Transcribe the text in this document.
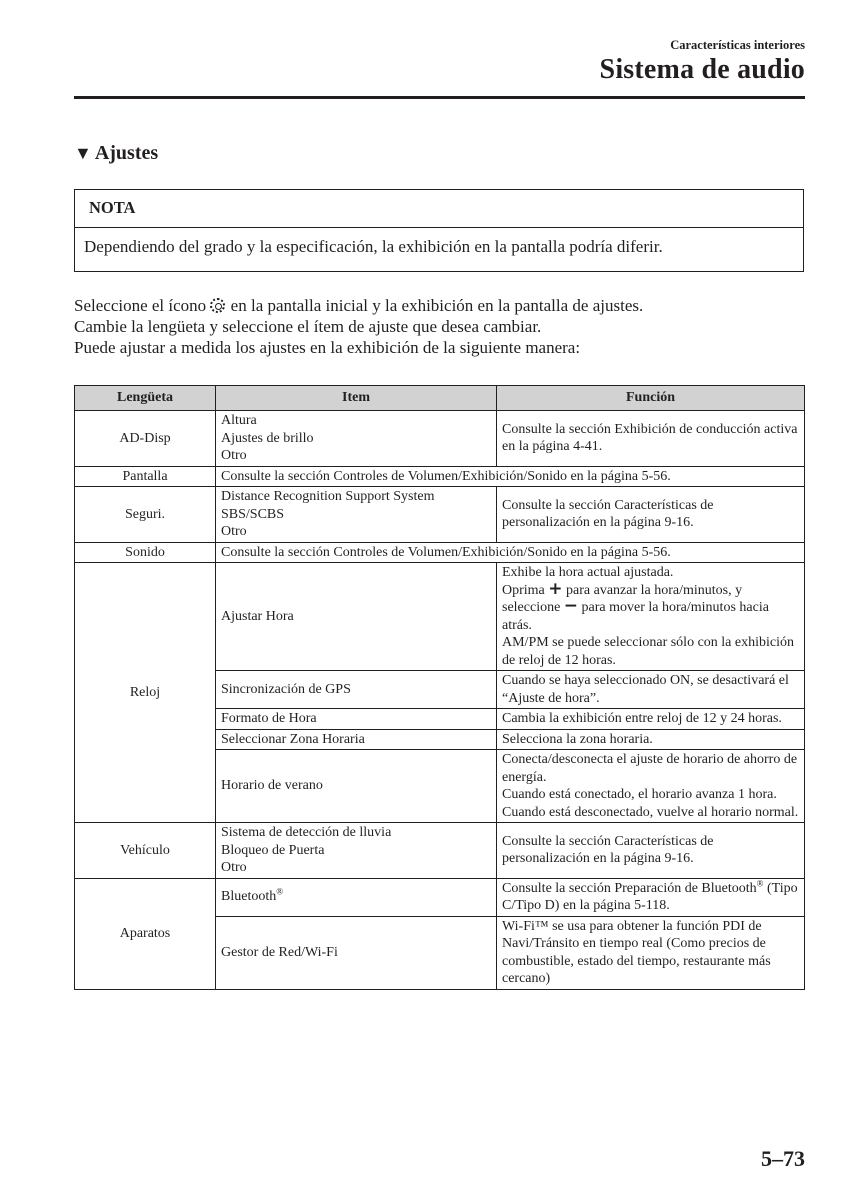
Características interiores
Sistema de audio
▼ Ajustes
NOTA
Dependiendo del grado y la especificación, la exhibición en la pantalla podría diferir.
Seleccione el ícono  en la pantalla inicial y la exhibición en la pantalla de ajustes.
Cambie la lengüeta y seleccione el ítem de ajuste que desea cambiar.
Puede ajustar a medida los ajustes en la exhibición de la siguiente manera:
Lengüeta	Item	Función
AD-Disp	Altura
Ajustes de brillo
Otro	Consulte la sección Exhibición de conducción activa en la página 4-41.
Pantalla	Consulte la sección Controles de Volumen/Exhibición/Sonido en la página 5-56.	
Seguri.	Distance Recognition Support System
SBS/SCBS
Otro	Consulte la sección Características de personalización en la página 9-16.
Sonido	Consulte la sección Controles de Volumen/Exhibición/Sonido en la página 5-56.	
Reloj	Ajustar Hora	Exhibe la hora actual ajustada.
Oprima + para avanzar la hora/minutos, y
seleccione − para mover la hora/minutos hacia atrás.
AM/PM se puede seleccionar sólo con la exhibición de reloj de 12 horas.

	Sincronización de GPS	Cuando se haya seleccionado ON, se desactivará el “Ajuste de hora”.
	Formato de Hora	Cambia la exhibición entre reloj de 12 y 24 horas.
	Seleccionar Zona Horaria	Selecciona la zona horaria.
	Horario de verano	Conecta/desconecta el ajuste de horario de ahorro de energía.
Cuando está conectado, el horario avanza 1 hora. Cuando está desconectado, vuelve al horario normal.

Vehículo	Sistema de detección de lluvia
Bloqueo de Puerta
Otro	Consulte la sección Características de personalización en la página 9-16.
Aparatos	Bluetooth®	Consulte la sección Preparación de Bluetooth® (Tipo C/Tipo D) en la página 5-118.
	Gestor de Red/Wi-Fi	Wi-Fi™ se usa para obtener la función PDI de Navi/Tránsito en tiempo real (Como precios de combustible, estado del tiempo, restaurante más cercano)
5–73
